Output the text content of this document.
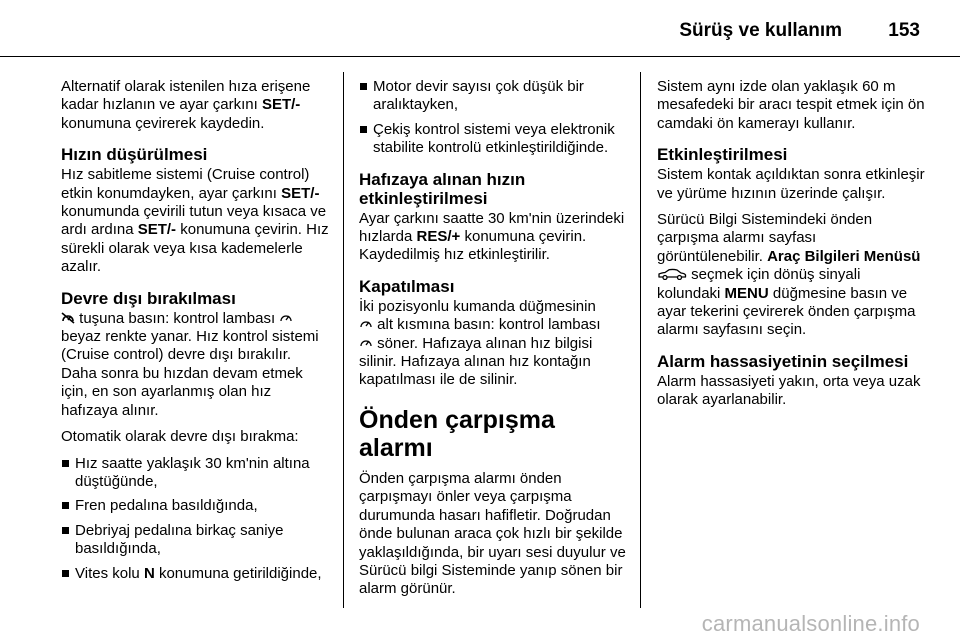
Sürüş ve kullanım 153

Alternatif olarak istenilen hıza erişene kadar hızlanın ve ayar çarkını SET/- konumuna çevirerek kaydedin.

Hızın düşürülmesi

Hız sabitleme sistemi (Cruise control) etkin konumdayken, ayar çarkını SET/- konumunda çevirili tutun veya kısaca ve ardı ardına SET/- konumuna çevirin. Hız sürekli olarak veya kısa kademelerle azalır.

Devre dışı bırakılması

tuşuna basın: kontrol lambası  beyaz renkte yanar. Hız kontrol sistemi (Cruise control) devre dışı bırakılır. Daha sonra bu hızdan devam etmek için, en son ayarlanmış olan hız hafızaya alınır.

Otomatik olarak devre dışı bırakma:

Hız saatte yaklaşık 30 km'nin altına düştüğünde,
Fren pedalına basıldığında,
Debriyaj pedalına birkaç saniye basıldığında,
Vites kolu N konumuna getirildiğinde,
Motor devir sayısı çok düşük bir aralıktayken,
Çekiş kontrol sistemi veya elektronik stabilite kontrolü etkinleştirildiğinde.
Hafızaya alınan hızın etkinleştirilmesi

Ayar çarkını saatte 30 km'nin üzerindeki hızlarda RES/+ konumuna çevirin. Kaydedilmiş hız etkinleştirilir.

Kapatılması

İki pozisyonlu kumanda düğmesinin
alt kısmına basın: kontrol lambası
söner. Hafızaya alınan hız bilgisi silinir. Hafızaya alınan hız kontağın kapatılması ile de silinir.

Önden çarpışma alarmı

Önden çarpışma alarmı önden çarpışmayı önler veya çarpışma durumunda hasarı hafifletir. Doğrudan önde bulunan araca çok hızlı bir şekilde yaklaşıldığında, bir uyarı sesi duyulur ve Sürücü bilgi Sisteminde yanıp sönen bir alarm görünür.

Sistem aynı izde olan yaklaşık 60 m mesafedeki bir aracı tespit etmek için ön camdaki ön kamerayı kullanır.

Etkinleştirilmesi

Sistem kontak açıldıktan sonra etkinleşir ve yürüme hızının üzerinde çalışır.

Sürücü Bilgi Sistemindeki önden çarpışma alarmı sayfası görüntülenebilir. Araç Bilgileri Menüsü  seçmek için dönüş sinyali kolundaki MENU düğmesine basın ve ayar tekerini çevirerek önden çarpışma alarmı sayfasını seçin.

Alarm hassasiyetinin seçilmesi

Alarm hassasiyeti yakın, orta veya uzak olarak ayarlanabilir.

carmanualsonline.info
